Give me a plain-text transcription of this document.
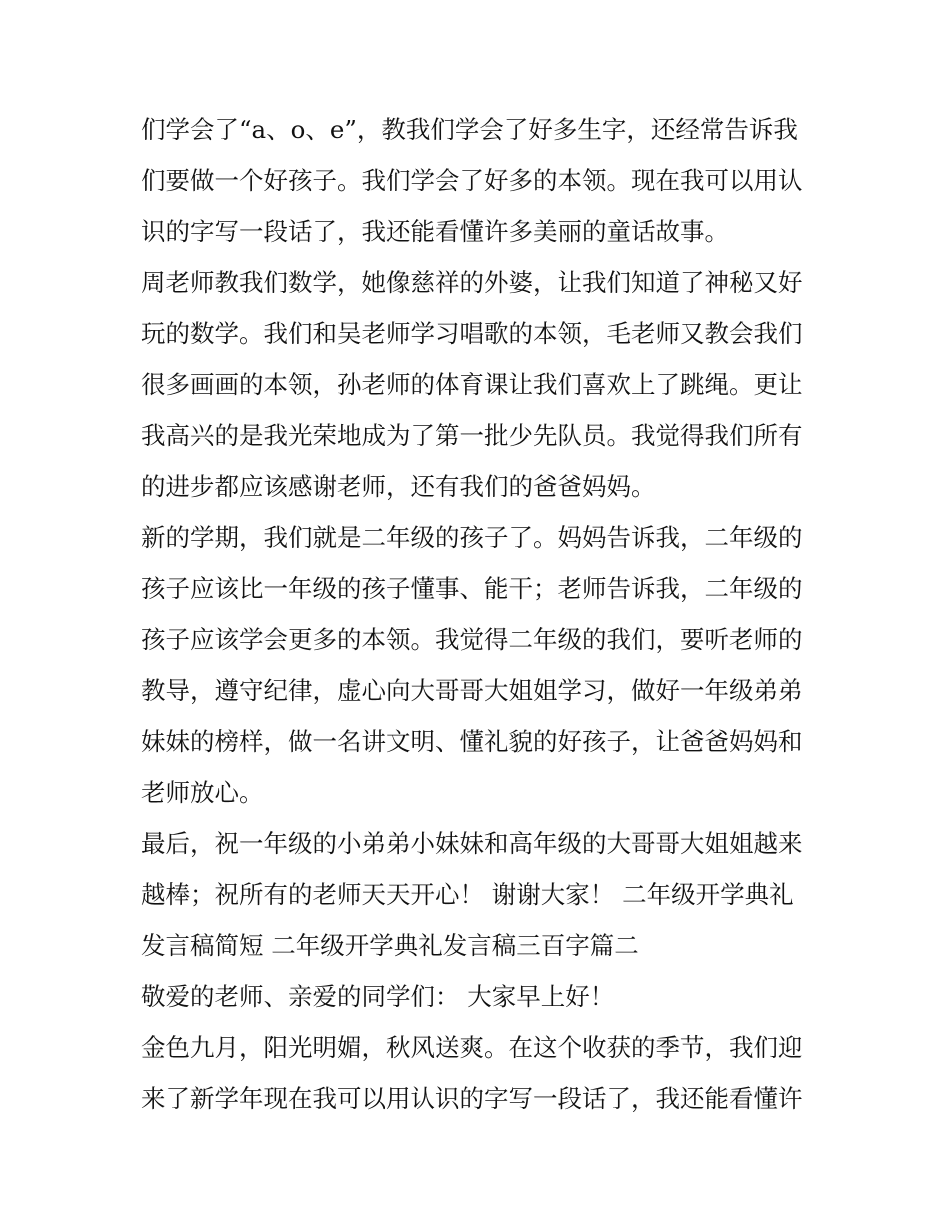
们学会了“a、o、e”，教我们学会了好多生字，还经常告诉我
们要做一个好孩子。我们学会了好多的本领。现在我可以用认
识的字写一段话了，我还能看懂许多美丽的童话故事。
周老师教我们数学，她像慈祥的外婆，让我们知道了神秘又好
玩的数学。我们和吴老师学习唱歌的本领，毛老师又教会我们
很多画画的本领，孙老师的体育课让我们喜欢上了跳绳。更让
我高兴的是我光荣地成为了第一批少先队员。我觉得我们所有
的进步都应该感谢老师，还有我们的爸爸妈妈。
新的学期，我们就是二年级的孩子了。妈妈告诉我，二年级的
孩子应该比一年级的孩子懂事、能干；老师告诉我，二年级的
孩子应该学会更多的本领。我觉得二年级的我们，要听老师的
教导，遵守纪律，虚心向大哥哥大姐姐学习，做好一年级弟弟
妹妹的榜样，做一名讲文明、懂礼貌的好孩子，让爸爸妈妈和
老师放心。
最后，祝一年级的小弟弟小妹妹和高年级的大哥哥大姐姐越来
越棒；祝所有的老师天天开心！ 谢谢大家！ 二年级开学典礼
发言稿简短 二年级开学典礼发言稿三百字篇二
敬爱的老师、亲爱的同学们： 大家早上好！
金色九月，阳光明媚，秋风送爽。在这个收获的季节，我们迎
来了新学年现在我可以用认识的字写一段话了，我还能看懂许
